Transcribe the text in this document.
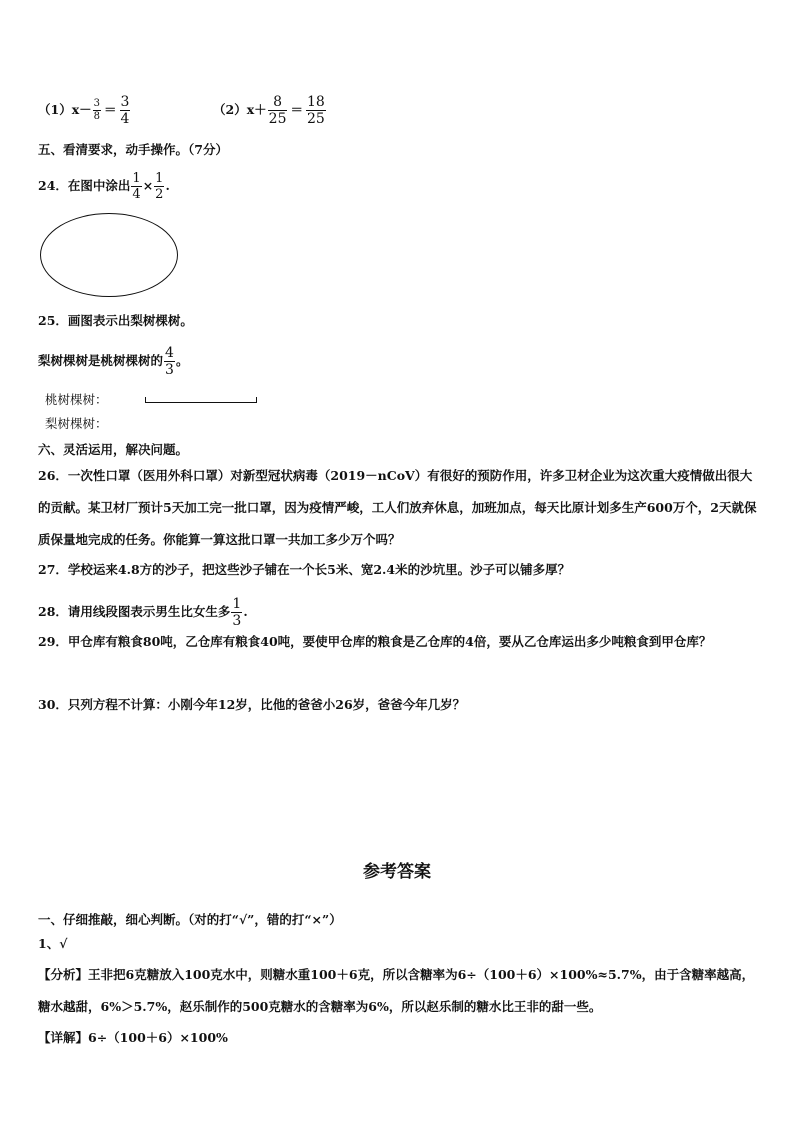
$(1)x- \frac{3}{8} = \frac{3}{4}$	$(2)x+ \frac{8}{25} = \frac{18}{25}$
五、看清要求，动手操作。（7分）
24．在图中涂出 $\frac{1}{4} \times \frac{1}{2}$ .
25．画图表示出梨树棵树。
梨树棵树是桃树棵树的 $\frac{4}{3}$ 。
桃树棵树：
梨树棵树：
六、灵活运用，解决问题。
26．一次性口罩（医用外科口罩）对新型冠状病毒（2019－nCoV）有很好的预防作用，许多卫材企业为这次重大疫情做出很大的贡献。某卫材厂预计5天加工完一批口罩，因为疫情严峻，工人们放弃休息，加班加点，每天比原计划多生产600万个，2天就保质保量地完成的任务。你能算一算这批口罩一共加工多少万个吗？
27．学校运来4.8方的沙子，把这些沙子铺在一个长5米、宽2.4米的沙坑里。沙子可以铺多厚？
28．请用线段图表示男生比女生多 $\frac{1}{3}$ .
29．甲仓库有粮食80吨，乙仓库有粮食40吨，要使甲仓库的粮食是乙仓库的4倍，要从乙仓库运出多少吨粮食到甲仓库？
30．只列方程不计算：小刚今年12岁，比他的爸爸小26岁，爸爸今年几岁？
参考答案
一、仔细推敲，细心判断。（对的打“√”，错的打“×”）
1、√
【分析】王非把6克糖放入100克水中，则糖水重100＋6克，所以含糖率为6÷（100＋6）×100%≈5.7%，由于含糖率越高，糖水越甜，6%＞5.7%，赵乐制作的500克糖水的含糖率为6%，所以赵乐制的糖水比王非的甜一些。
【详解】6÷（100＋6）×100%
